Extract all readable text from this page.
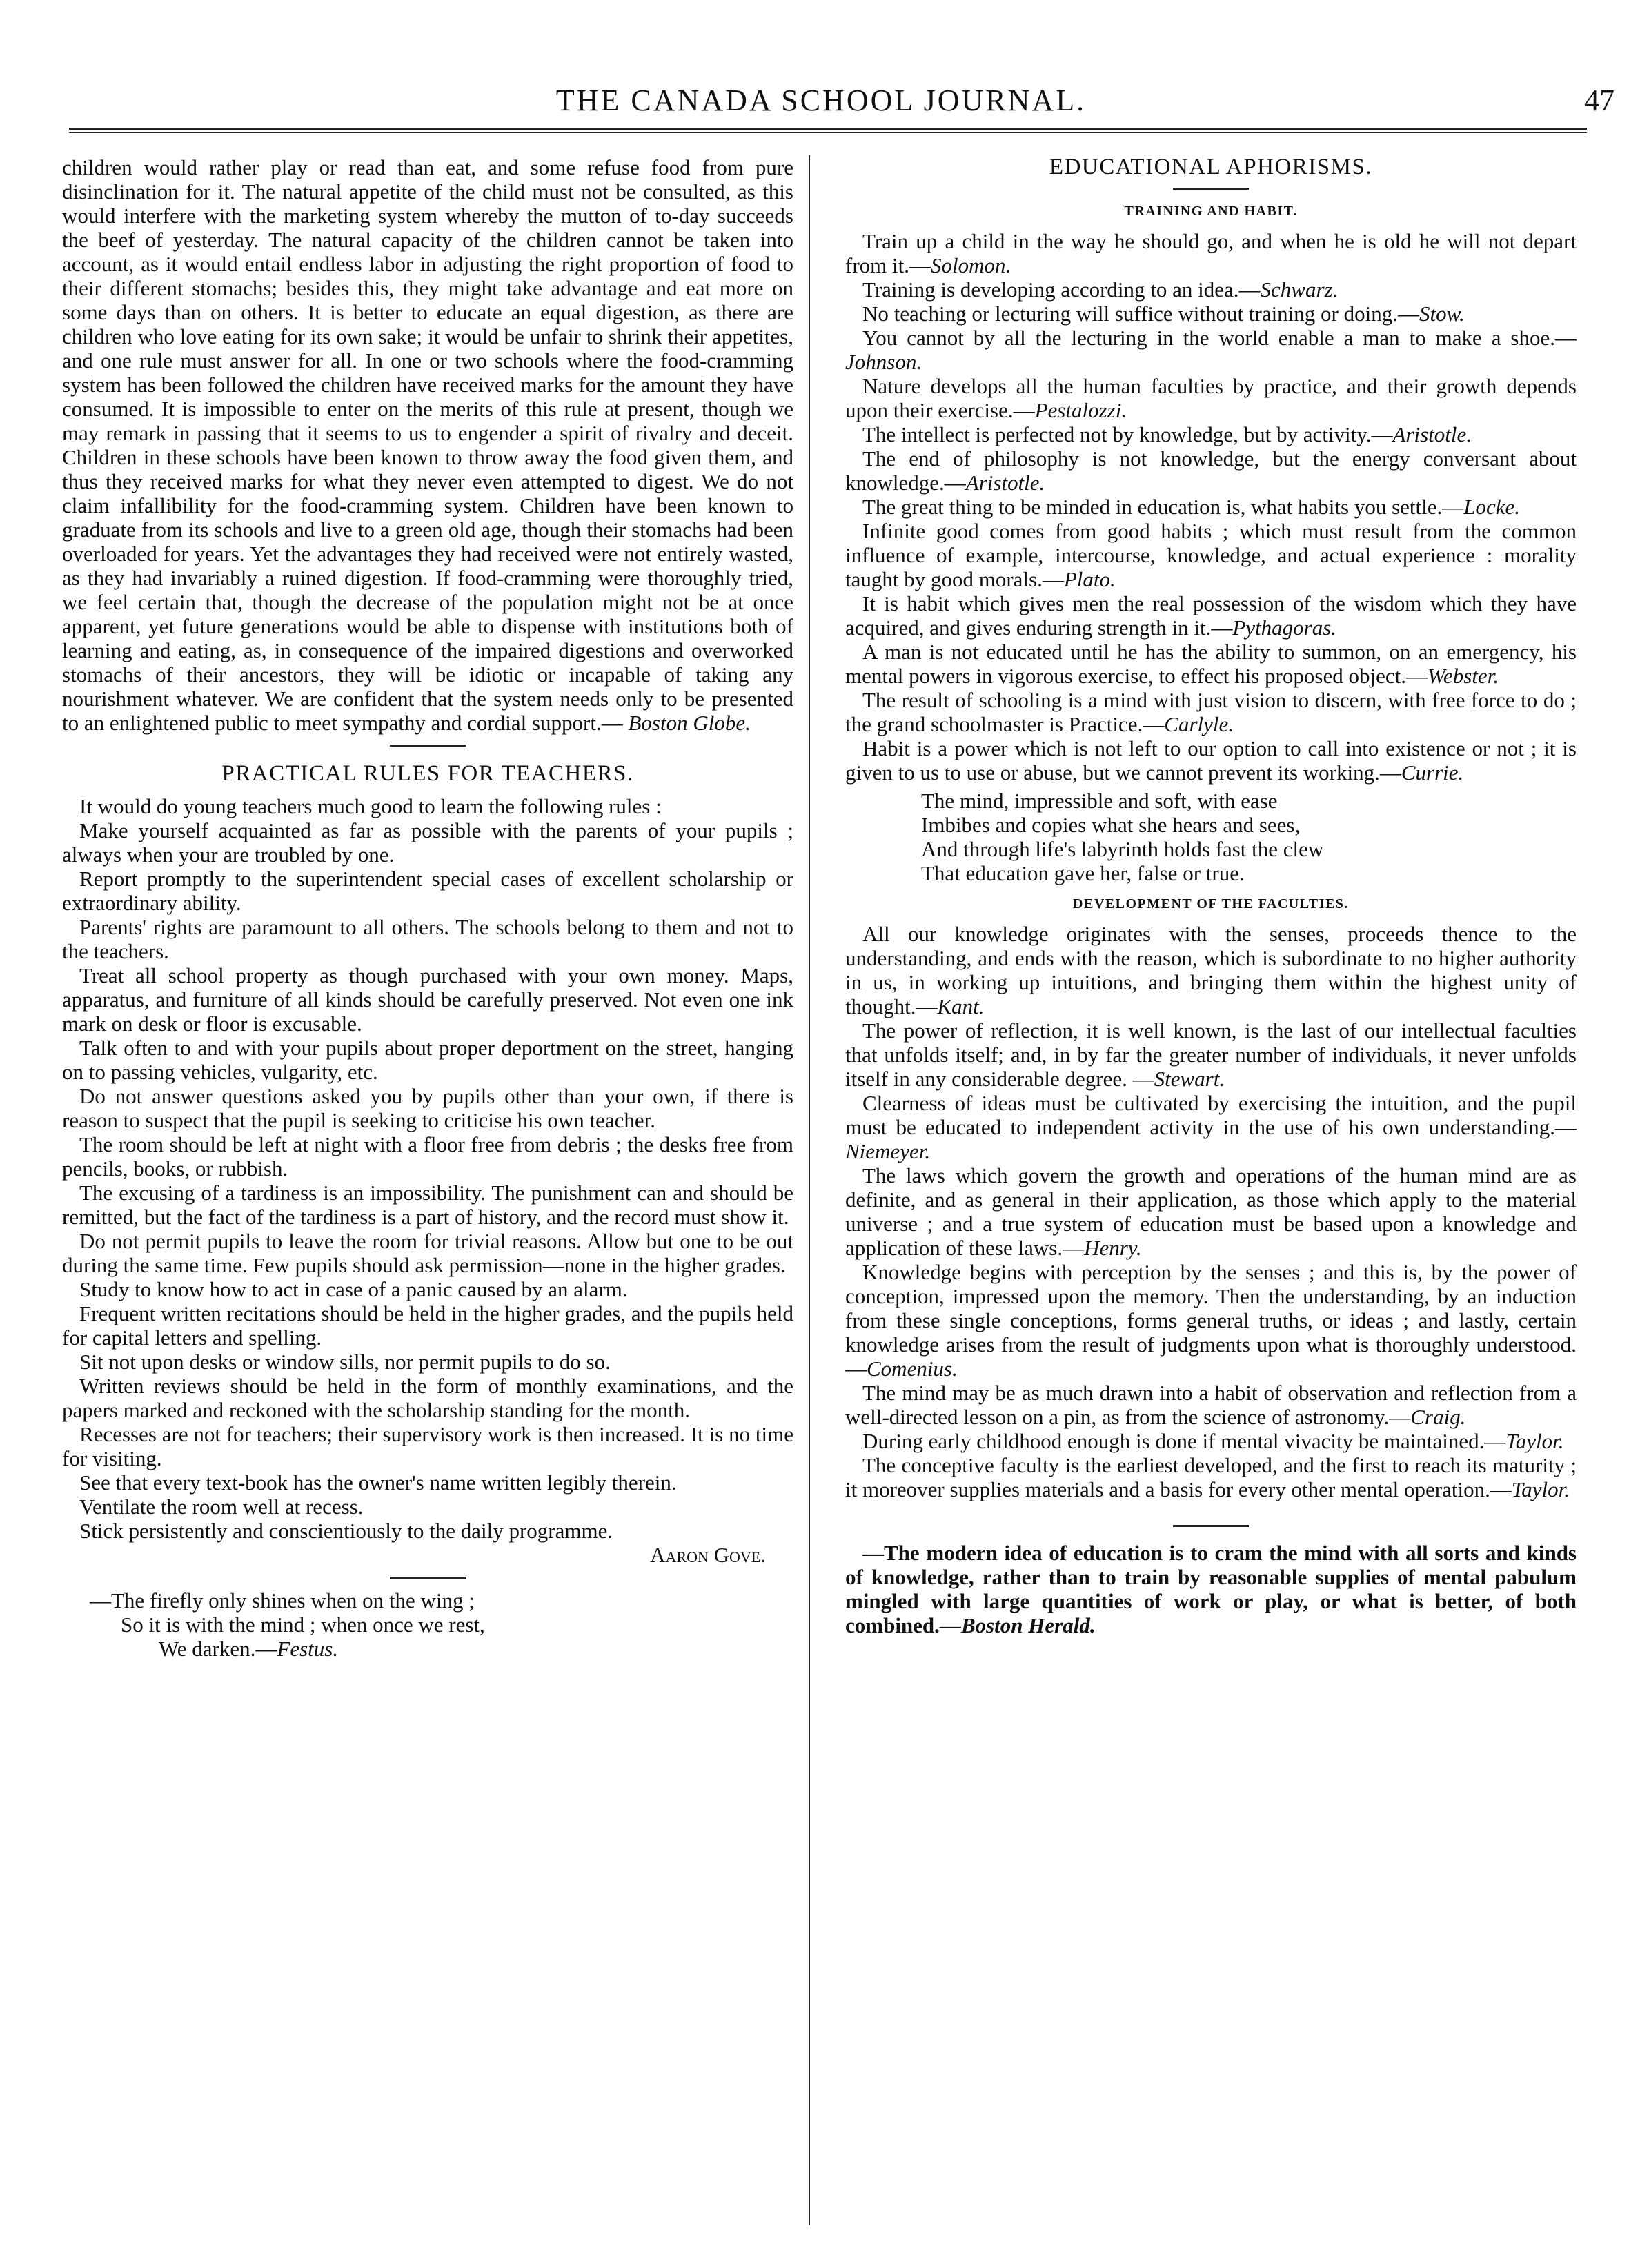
THE CANADA SCHOOL JOURNAL.	47

children would rather play or read than eat, and some refuse food from pure disinclination for it. The natural appetite of the child must not be consulted, as this would interfere with the marketing system whereby the mutton of to-day succeeds the beef of yesterday. The natural capacity of the children cannot be taken into account, as it would entail endless labor in adjusting the right proportion of food to their different stomachs; besides this, they might take advantage and eat more on some days than on others. It is better to educate an equal digestion, as there are children who love eating for its own sake; it would be unfair to shrink their appetites, and one rule must answer for all. In one or two schools where the food-cramming system has been followed the children have received marks for the amount they have consumed. It is impossible to enter on the merits of this rule at present, though we may remark in passing that it seems to us to engender a spirit of rivalry and deceit. Children in these schools have been known to throw away the food given them, and thus they received marks for what they never even attempted to digest. We do not claim infallibility for the food-cramming system. Children have been known to graduate from its schools and live to a green old age, though their stomachs had been overloaded for years. Yet the advantages they had received were not entirely wasted, as they had invariably a ruined digestion. If food-cramming were thoroughly tried, we feel certain that, though the decrease of the population might not be at once apparent, yet future generations would be able to dispense with institutions both of learning and eating, as, in consequence of the impaired digestions and overworked stomachs of their ancestors, they will be idiotic or incapable of taking any nourishment whatever. We are confident that the system needs only to be presented to an enlightened public to meet sympathy and cordial support.— Boston Globe.

PRACTICAL RULES FOR TEACHERS.

It would do young teachers much good to learn the following rules :

Make yourself acquainted as far as possible with the parents of your pupils ; always when your are troubled by one.

Report promptly to the superintendent special cases of excellent scholarship or extraordinary ability.

Parents' rights are paramount to all others. The schools belong to them and not to the teachers.

Treat all school property as though purchased with your own money. Maps, apparatus, and furniture of all kinds should be carefully preserved. Not even one ink mark on desk or floor is excusable.

Talk often to and with your pupils about proper deportment on the street, hanging on to passing vehicles, vulgarity, etc.

Do not answer questions asked you by pupils other than your own, if there is reason to suspect that the pupil is seeking to criticise his own teacher.

The room should be left at night with a floor free from debris ; the desks free from pencils, books, or rubbish.

The excusing of a tardiness is an impossibility. The punishment can and should be remitted, but the fact of the tardiness is a part of history, and the record must show it.

Do not permit pupils to leave the room for trivial reasons. Allow but one to be out during the same time. Few pupils should ask permission—none in the higher grades.

Study to know how to act in case of a panic caused by an alarm.

Frequent written recitations should be held in the higher grades, and the pupils held for capital letters and spelling.

Sit not upon desks or window sills, nor permit pupils to do so.

Written reviews should be held in the form of monthly examinations, and the papers marked and reckoned with the scholarship standing for the month.

Recesses are not for teachers; their supervisory work is then increased. It is no time for visiting.

See that every text-book has the owner's name written legibly therein.

Ventilate the room well at recess.

Stick persistently and conscientiously to the daily programme.

Aaron Gove.

—The firefly only shines when on the wing ;
So it is with the mind ; when once we rest,
We darken.—Festus.
EDUCATIONAL APHORISMS.
TRAINING AND HABIT.

Train up a child in the way he should go, and when he is old he will not depart from it.—Solomon.

Training is developing according to an idea.—Schwarz.

No teaching or lecturing will suffice without training or doing.—Stow.

You cannot by all the lecturing in the world enable a man to make a shoe.—Johnson.

Nature develops all the human faculties by practice, and their growth depends upon their exercise.—Pestalozzi.

The intellect is perfected not by knowledge, but by activity.—Aristotle.

The end of philosophy is not knowledge, but the energy conversant about knowledge.—Aristotle.

The great thing to be minded in education is, what habits you settle.—Locke.

Infinite good comes from good habits ; which must result from the common influence of example, intercourse, knowledge, and actual experience : morality taught by good morals.—Plato.

It is habit which gives men the real possession of the wisdom which they have acquired, and gives enduring strength in it.—Pythagoras.

A man is not educated until he has the ability to summon, on an emergency, his mental powers in vigorous exercise, to effect his proposed object.—Webster.

The result of schooling is a mind with just vision to discern, with free force to do ; the grand schoolmaster is Practice.—Carlyle.

Habit is a power which is not left to our option to call into existence or not ; it is given to us to use or abuse, but we cannot prevent its working.—Currie.

The mind, impressible and soft, with ease
Imbibes and copies what she hears and sees,
And through life's labyrinth holds fast the clew
That education gave her, false or true.
DEVELOPMENT OF THE FACULTIES.

All our knowledge originates with the senses, proceeds thence to the understanding, and ends with the reason, which is subordinate to no higher authority in us, in working up intuitions, and bringing them within the highest unity of thought.—Kant.

The power of reflection, it is well known, is the last of our intellectual faculties that unfolds itself; and, in by far the greater number of individuals, it never unfolds itself in any considerable degree. —Stewart.

Clearness of ideas must be cultivated by exercising the intuition, and the pupil must be educated to independent activity in the use of his own understanding.—Niemeyer.

The laws which govern the growth and operations of the human mind are as definite, and as general in their application, as those which apply to the material universe ; and a true system of education must be based upon a knowledge and application of these laws.—Henry.

Knowledge begins with perception by the senses ; and this is, by the power of conception, impressed upon the memory. Then the understanding, by an induction from these single conceptions, forms general truths, or ideas ; and lastly, certain knowledge arises from the result of judgments upon what is thoroughly understood. —Comenius.

The mind may be as much drawn into a habit of observation and reflection from a well-directed lesson on a pin, as from the science of astronomy.—Craig.

During early childhood enough is done if mental vivacity be maintained.—Taylor.

The conceptive faculty is the earliest developed, and the first to reach its maturity ; it moreover supplies materials and a basis for every other mental operation.—Taylor.

—The modern idea of education is to cram the mind with all sorts and kinds of knowledge, rather than to train by reasonable supplies of mental pabulum mingled with large quantities of work or play, or what is better, of both combined.—Boston Herald.
